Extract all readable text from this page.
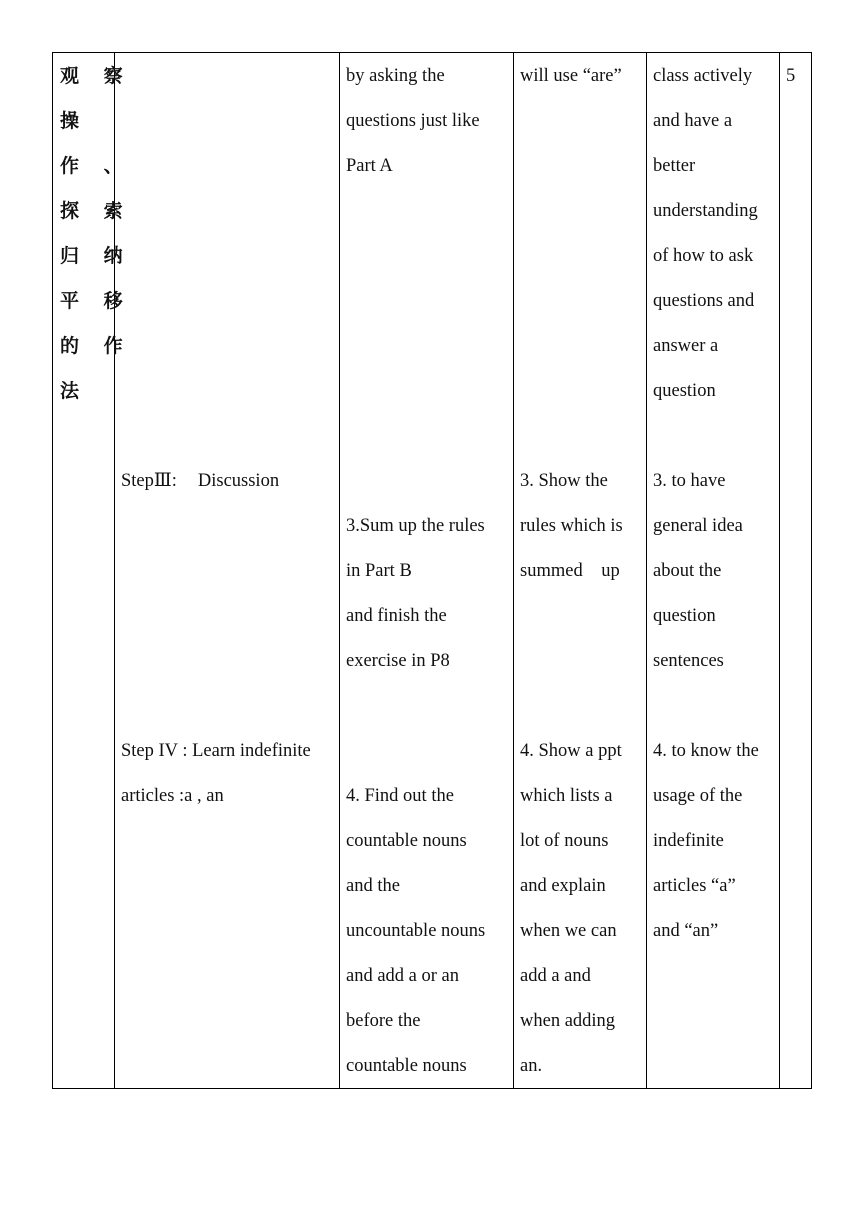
观 察

操

作 、

探 索

归 纳

平 移

的 作

法

StepⅢ: Discussion

Step IV : Learn indefinite

articles :a , an

by asking the

questions just like

Part A

3.Sum up the rules

in Part B

and finish the

exercise in P8

4. Find out the

countable nouns

and the

uncountable nouns

and add a or an

before the

countable nouns

will use “are”

3. Show the

rules which is

summed    up

4. Show a ppt

which lists a

lot of nouns

and explain

when we can

add a and

when adding

an.

class actively

and have a

better

understanding

of how to ask

questions and

answer a

question

3. to have

general idea

about the

question

sentences

4. to know the

usage of the

indefinite

articles “a”

and “an”

5
